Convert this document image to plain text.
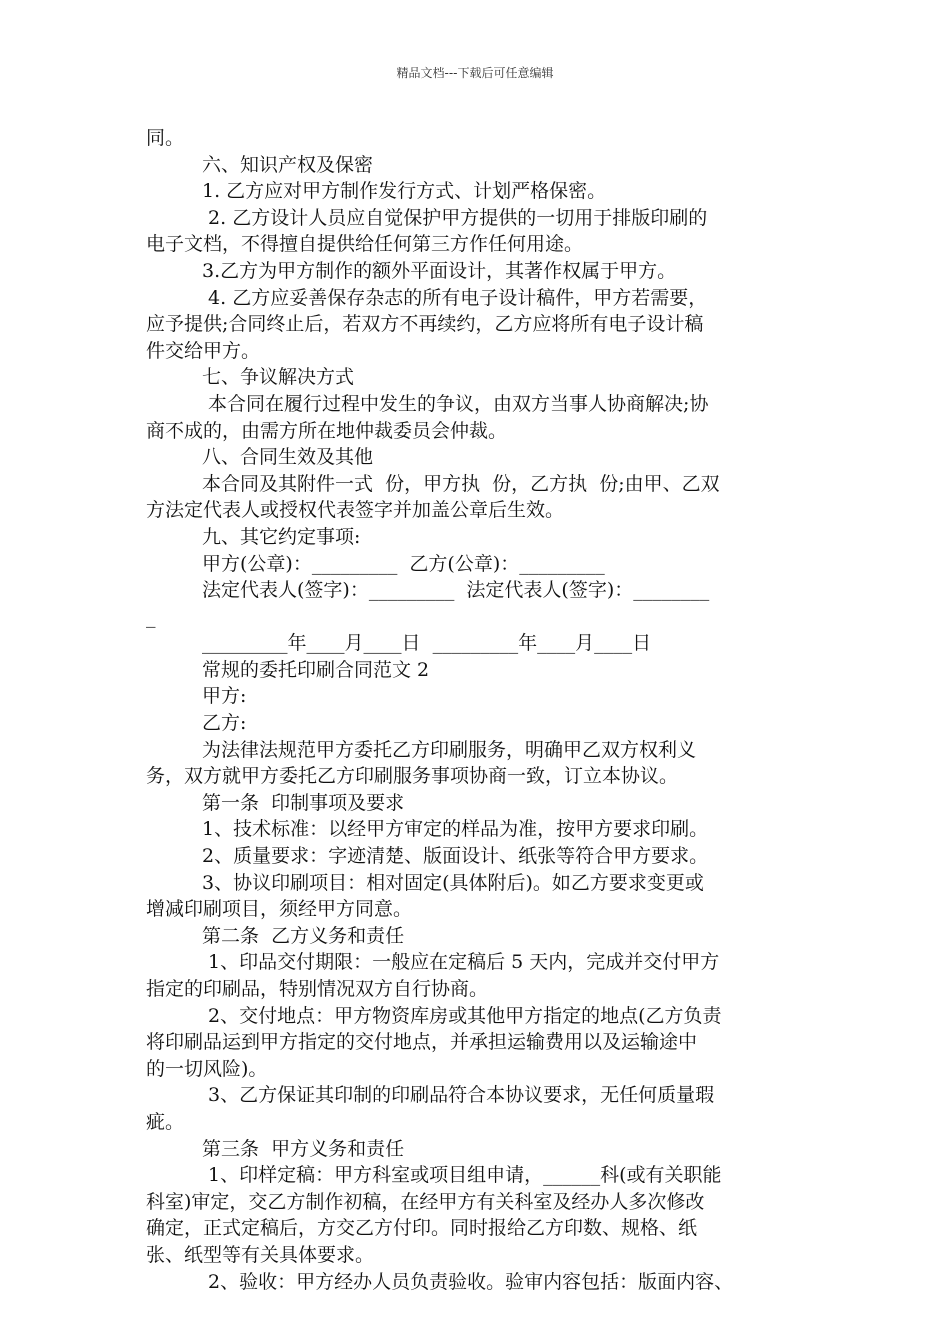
精品文档---下载后可任意编辑

同。

六、知识产权及保密

1. 乙方应对甲方制作发行方式、计划严格保密。

2. 乙方设计人员应自觉保护甲方提供的一切用于排版印刷的

电子文档，不得擅自提供给任何第三方作任何用途。

3.乙方为甲方制作的额外平面设计，其著作权属于甲方。

4. 乙方应妥善保存杂志的所有电子设计稿件，甲方若需要，

应予提供;合同终止后，若双方不再续约，乙方应将所有电子设计稿

件交给甲方。

七、争议解决方式

本合同在履行过程中发生的争议，由双方当事人协商解决;协

商不成的，由需方所在地仲裁委员会仲裁。

八、合同生效及其他

本合同及其附件一式  份，甲方执  份，乙方执  份;由甲、乙双

方法定代表人或授权代表签字并加盖公章后生效。

九、其它约定事项:

甲方(公章)：_________  乙方(公章)：_________

法定代表人(签字)：_________  法定代表人(签字)：________

_

_________年____月____日  _________年____月____日

常规的委托印刷合同范文 2

甲方:

乙方:

为法律法规范甲方委托乙方印刷服务，明确甲乙双方权利义

务，双方就甲方委托乙方印刷服务事项协商一致，订立本协议。

第一条  印制事项及要求

1、技术标准：以经甲方审定的样品为准，按甲方要求印刷。

2、质量要求：字迹清楚、版面设计、纸张等符合甲方要求。

3、协议印刷项目：相对固定(具体附后)。如乙方要求变更或

增减印刷项目，须经甲方同意。

第二条  乙方义务和责任

1、印品交付期限：一般应在定稿后 5 天内，完成并交付甲方

指定的印刷品，特别情况双方自行协商。

2、交付地点：甲方物资库房或其他甲方指定的地点(乙方负责

将印刷品运到甲方指定的交付地点，并承担运输费用以及运输途中

的一切风险)。

3、乙方保证其印制的印刷品符合本协议要求，无任何质量瑕

疵。

第三条  甲方义务和责任

1、印样定稿：甲方科室或项目组申请，______科(或有关职能

科室)审定，交乙方制作初稿，在经甲方有关科室及经办人多次修改

确定，正式定稿后，方交乙方付印。同时报给乙方印数、规格、纸

张、纸型等有关具体要求。

2、验收：甲方经办人员负责验收。验审内容包括：版面内容、
